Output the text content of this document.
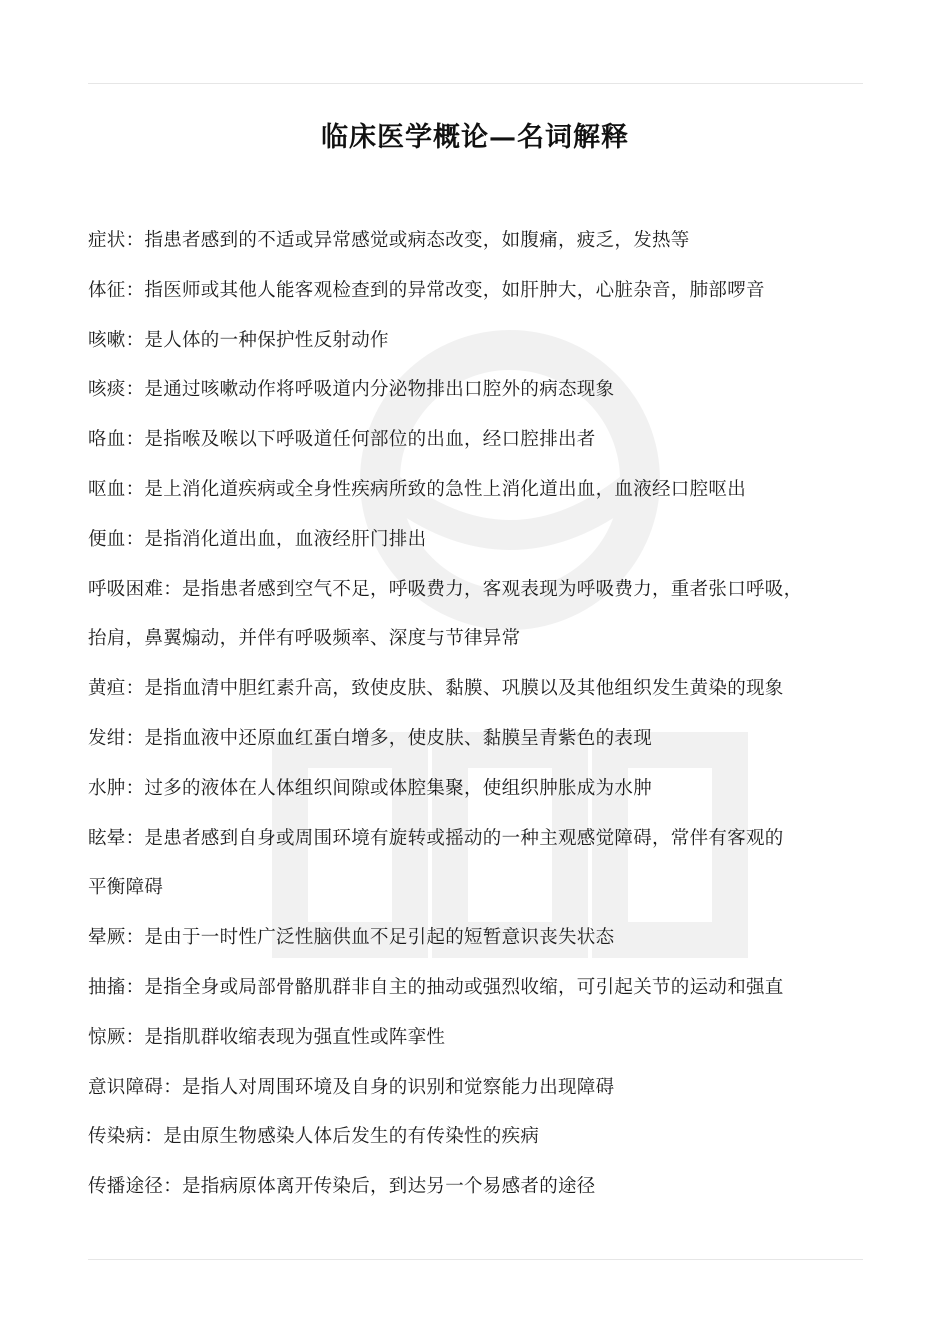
临床医学概论—名词解释
症状：指患者感到的不适或异常感觉或病态改变，如腹痛，疲乏，发热等
体征：指医师或其他人能客观检查到的异常改变，如肝肿大，心脏杂音，肺部啰音
咳嗽：是人体的一种保护性反射动作
咳痰：是通过咳嗽动作将呼吸道内分泌物排出口腔外的病态现象
咯血：是指喉及喉以下呼吸道任何部位的出血，经口腔排出者
呕血：是上消化道疾病或全身性疾病所致的急性上消化道出血，血液经口腔呕出
便血：是指消化道出血，血液经肝门排出
呼吸困难：是指患者感到空气不足，呼吸费力，客观表现为呼吸费力，重者张口呼吸，
抬肩，鼻翼煽动，并伴有呼吸频率、深度与节律异常
黄疸：是指血清中胆红素升高，致使皮肤、黏膜、巩膜以及其他组织发生黄染的现象
发绀：是指血液中还原血红蛋白增多，使皮肤、黏膜呈青紫色的表现
水肿：过多的液体在人体组织间隙或体腔集聚，使组织肿胀成为水肿
眩晕：是患者感到自身或周围环境有旋转或摇动的一种主观感觉障碍，常伴有客观的
平衡障碍
晕厥：是由于一时性广泛性脑供血不足引起的短暂意识丧失状态
抽搐：是指全身或局部骨骼肌群非自主的抽动或强烈收缩，可引起关节的运动和强直
惊厥：是指肌群收缩表现为强直性或阵挛性
意识障碍：是指人对周围环境及自身的识别和觉察能力出现障碍
传染病：是由原生物感染人体后发生的有传染性的疾病
传播途径：是指病原体离开传染后，到达另一个易感者的途径
